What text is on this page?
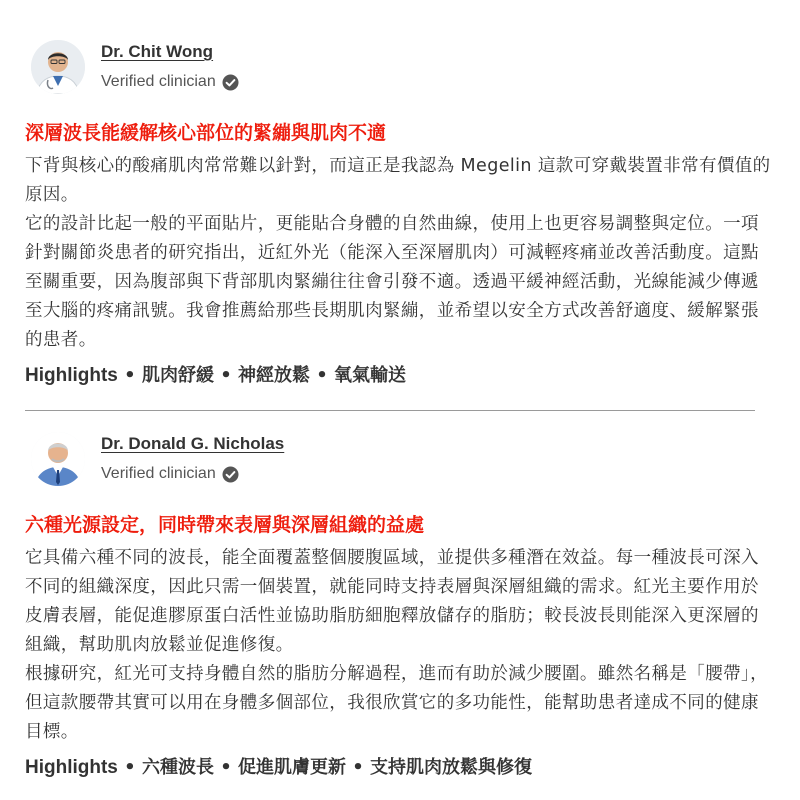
Dr. Chit Wong
Verified clinician
深層波長能緩解核心部位的緊繃與肌肉不適

下背與核心的酸痛肌肉常常難以針對，而這正是我認為 Megelin 這款可穿戴裝置非常有價值的原因。

它的設計比起一般的平面貼片，更能貼合身體的自然曲線，使用上也更容易調整與定位。一項針對關節炎患者的研究指出，近紅外光（能深入至深層肌肉）可減輕疼痛並改善活動度。這點至關重要，因為腹部與下背部肌肉緊繃往往會引發不適。透過平緩神經活動，光線能減少傳遞至大腦的疼痛訊號。我會推薦給那些長期肌肉緊繃，並希望以安全方式改善舒適度、緩解緊張的患者。

Highlights • 肌肉舒緩 • 神經放鬆 • 氧氣輸送
Dr. Donald G. Nicholas
Verified clinician
六種光源設定，同時帶來表層與深層組織的益處

它具備六種不同的波長，能全面覆蓋整個腰腹區域，並提供多種潛在效益。每一種波長可深入不同的組織深度，因此只需一個裝置，就能同時支持表層與深層組織的需求。紅光主要作用於皮膚表層，能促進膠原蛋白活性並協助脂肪細胞釋放儲存的脂肪；較長波長則能深入更深層的組織，幫助肌肉放鬆並促進修復。

根據研究，紅光可支持身體自然的脂肪分解過程，進而有助於減少腰圍。雖然名稱是「腰帶」，但這款腰帶其實可以用在身體多個部位，我很欣賞它的多功能性，能幫助患者達成不同的健康目標。

Highlights • 六種波長 • 促進肌膚更新 • 支持肌肉放鬆與修復
